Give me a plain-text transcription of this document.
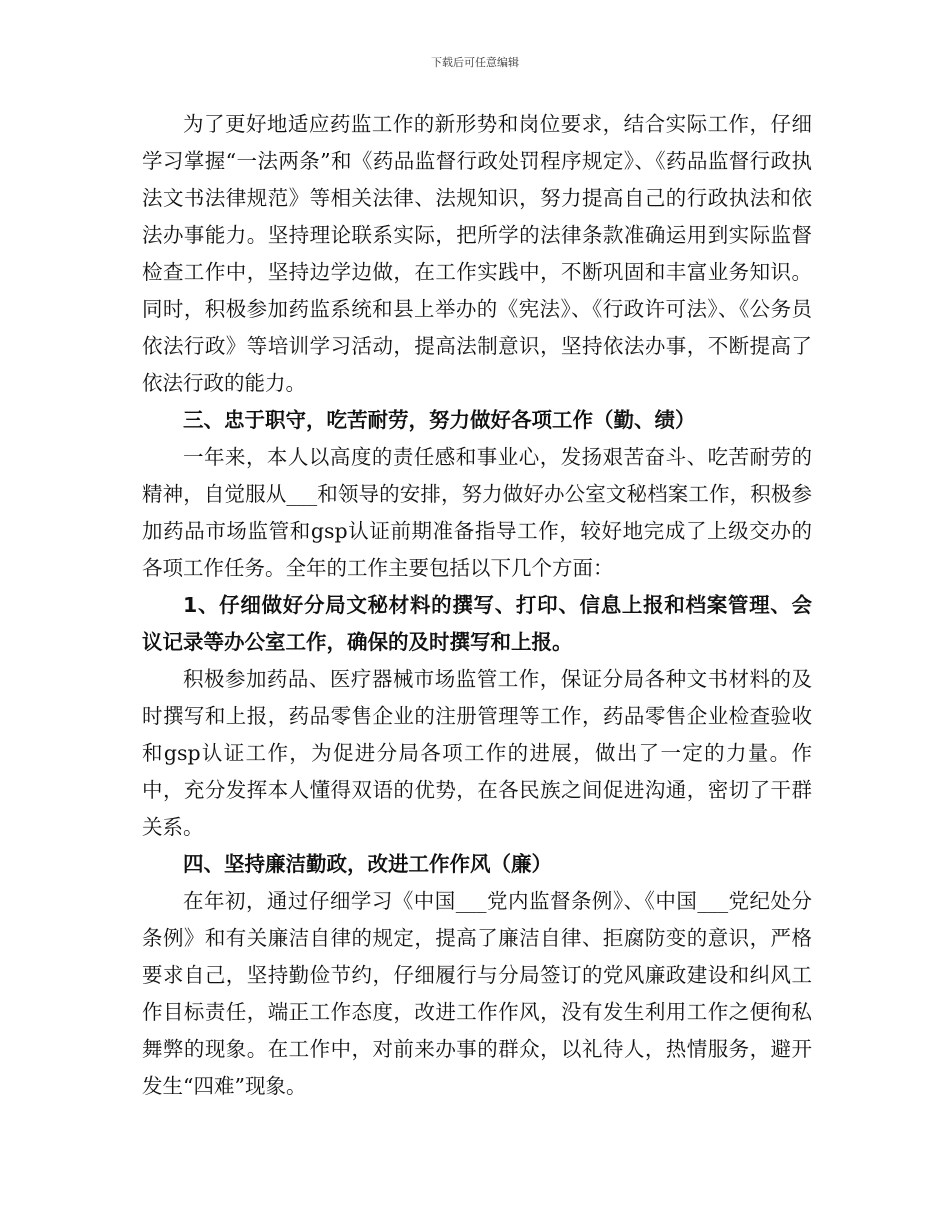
下载后可任意编辑

为了更好地适应药监工作的新形势和岗位要求，结合实际工作，仔细学习掌握“一法两条”和《药品监督行政处罚程序规定》、《药品监督行政执法文书法律规范》等相关法律、法规知识，努力提高自己的行政执法和依法办事能力。坚持理论联系实际，把所学的法律条款准确运用到实际监督检查工作中，坚持边学边做，在工作实践中，不断巩固和丰富业务知识。同时，积极参加药监系统和县上举办的《宪法》、《行政许可法》、《公务员依法行政》等培训学习活动，提高法制意识，坚持依法办事，不断提高了依法行政的能力。

三、忠于职守，吃苦耐劳，努力做好各项工作（勤、绩）

一年来，本人以高度的责任感和事业心，发扬艰苦奋斗、吃苦耐劳的精神，自觉服从___和领导的安排，努力做好办公室文秘档案工作，积极参加药品市场监管和gsp认证前期准备指导工作，较好地完成了上级交办的各项工作任务。全年的工作主要包括以下几个方面：

1、仔细做好分局文秘材料的撰写、打印、信息上报和档案管理、会议记录等办公室工作，确保的及时撰写和上报。

积极参加药品、医疗器械市场监管工作，保证分局各种文书材料的及时撰写和上报，药品零售企业的注册管理等工作，药品零售企业检查验收和gsp认证工作，为促进分局各项工作的进展，做出了一定的力量。作中，充分发挥本人懂得双语的优势，在各民族之间促进沟通，密切了干群关系。

四、坚持廉洁勤政，改进工作作风（廉）

在年初，通过仔细学习《中国___党内监督条例》、《中国___党纪处分条例》和有关廉洁自律的规定，提高了廉洁自律、拒腐防变的意识，严格要求自己，坚持勤俭节约，仔细履行与分局签订的党风廉政建设和纠风工作目标责任，端正工作态度，改进工作作风，没有发生利用工作之便徇私舞弊的现象。在工作中，对前来办事的群众，以礼待人，热情服务，避开发生“四难”现象。
